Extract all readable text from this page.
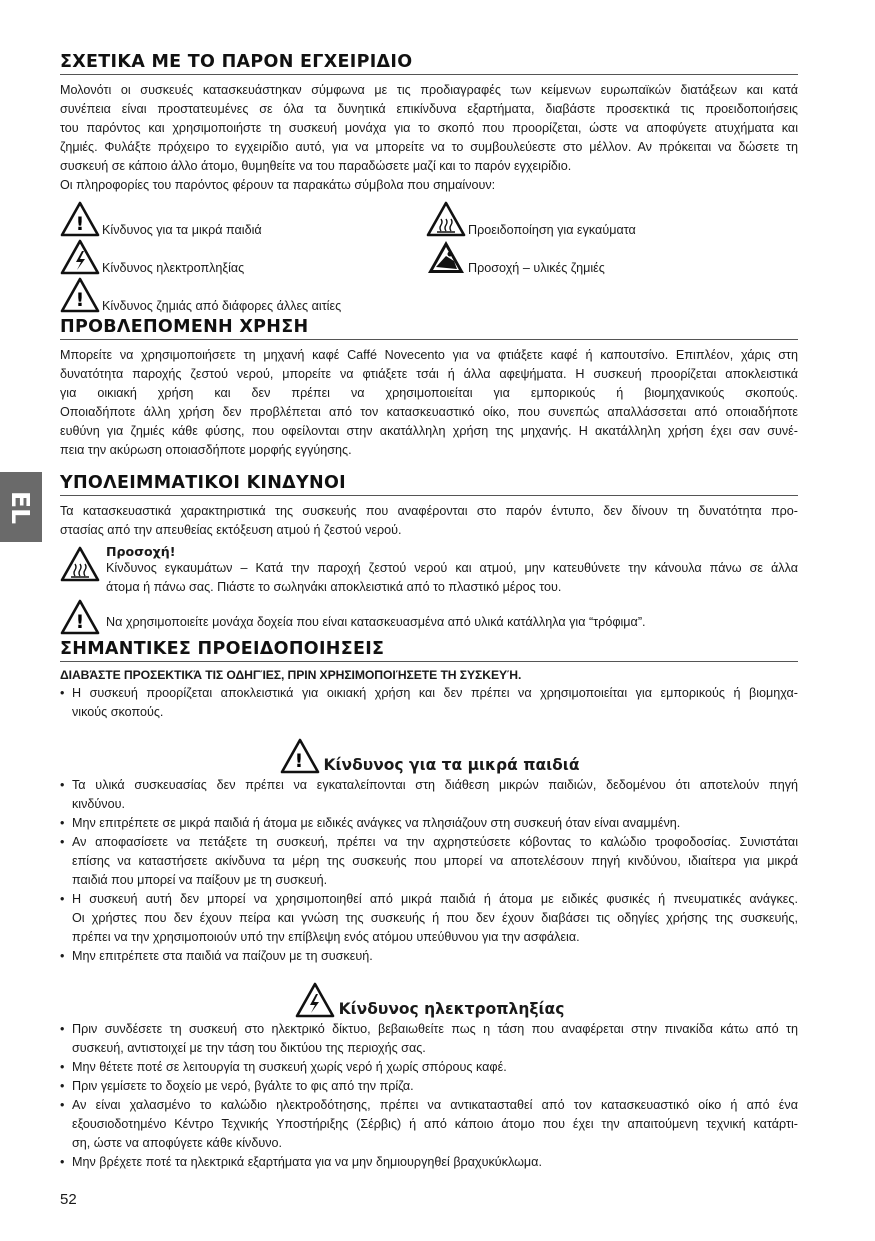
EL
ΣΧΕΤΙΚΑ ΜΕ ΤΟ ΠΑΡΟΝ ΕΓΧΕΙΡΙΔΙΟ
Μολονότι οι συσκευές κατασκευάστηκαν σύμφωνα με τις προδιαγραφές των κείμενων ευρωπαϊκών διατάξεων και κατά
συνέπεια είναι προστατευμένες σε όλα τα δυνητικά επικίνδυνα εξαρτήματα, διαβάστε προσεκτικά τις προειδοποιήσεις
του παρόντος και χρησιμοποιήστε τη συσκευή μονάχα για το σκοπό που προορίζεται, ώστε να αποφύγετε ατυχήματα και
ζημιές. Φυλάξτε πρόχειρο το εγχειρίδιο αυτό, για να μπορείτε να το συμβουλεύεστε στο μέλλον. Αν πρόκειται να δώσετε τη
συσκευή σε κάποιο άλλο άτομο, θυμηθείτε να του παραδώσετε μαζί και το παρόν εγχειρίδιο.

Οι πληροφορίες του παρόντος φέρουν τα παρακάτω σύμβολα που σημαίνουν:

! Κίνδυνος για τα μικρά παιδιά	Προειδοποίηση για εγκαύματα
Κίνδυνος ηλεκτροπληξίας	Προσοχή – υλικές ζημιές
! Κίνδυνος ζημιάς από διάφορες άλλες αιτίες
ΠΡΟΒΛΕΠΟΜΕΝΗ ΧΡΗΣΗ
Μπορείτε να χρησιμοποιήσετε τη μηχανή καφέ Caffé Novecento για να φτιάξετε καφέ ή καπουτσίνο. Επιπλέον, χάρις στη
δυνατότητα παροχής ζεστού νερού, μπορείτε να φτιάξετε τσάι ή άλλα αφεψήματα. Η συσκευή προορίζεται αποκλειστικά
για οικιακή χρήση και δεν πρέπει να χρησιμοποιείται για εμπορικούς ή βιομηχανικούς σκοπούς.
Οποιαδήποτε άλλη χρήση δεν προβλέπεται από τον κατασκευαστικό οίκο, που συνεπώς απαλλάσσεται από οποιαδήποτε
ευθύνη για ζημιές κάθε φύσης, που οφείλονται στην ακατάλληλη χρήση της μηχανής. Η ακατάλληλη χρήση έχει σαν συνέ-
πεια την ακύρωση οποιασδήποτε μορφής εγγύησης.
ΥΠΟΛΕΙΜΜΑΤΙΚΟΙ ΚΙΝΔΥΝΟΙ
Τα κατασκευαστικά χαρακτηριστικά της συσκευής που αναφέρονται στο παρόν έντυπο, δεν δίνουν τη δυνατότητα προ-
στασίας από την απευθείας εκτόξευση ατμού ή ζεστού νερού.
Προσοχή!
Κίνδυνος εγκαυμάτων – Κατά την παροχή ζεστού νερού και ατμού, μην κατευθύνετε την κάνουλα πάνω σε άλλα
άτομα ή πάνω σας. Πιάστε το σωληνάκι αποκλειστικά από το πλαστικό μέρος του.
! Να χρησιμοποιείτε μονάχα δοχεία που είναι κατασκευασμένα από υλικά κατάλληλα για “τρόφιμα”.

ΣΗΜΑΝΤΙΚΕΣ ΠΡΟΕΙΔΟΠΟΙΗΣΕΙΣ
ΔΙΑΒΆΣΤΕ ΠΡΟΣΕΚΤΙΚΆ ΤΙΣ ΟΔΗΓΊΕΣ, ΠΡΙΝ ΧΡΗΣΙΜΟΠΟΙΉΣΕΤΕ ΤΗ ΣΥΣΚΕΥΉ.
• Η συσκευή προορίζεται αποκλειστικά για οικιακή χρήση και δεν πρέπει να χρησιμοποιείται για εμπορικούς ή βιομηχα-
νικούς σκοπούς.
! Κίνδυνος για τα μικρά παιδιά
• Τα υλικά συσκευασίας δεν πρέπει να εγκαταλείπονται στη διάθεση μικρών παιδιών, δεδομένου ότι αποτελούν πηγή
κινδύνου.
• Μην επιτρέπετε σε μικρά παιδιά ή άτομα με ειδικές ανάγκες να πλησιάζουν στη συσκευή όταν είναι αναμμένη.
• Αν αποφασίσετε να πετάξετε τη συσκευή, πρέπει να την αχρηστεύσετε κόβοντας το καλώδιο τροφοδοσίας. Συνιστάται
επίσης να καταστήσετε ακίνδυνα τα μέρη της συσκευής που μπορεί να αποτελέσουν πηγή κινδύνου, ιδιαίτερα για μικρά
παιδιά που μπορεί να παίξουν με τη συσκευή.
• Η συσκευή αυτή δεν μπορεί να χρησιμοποιηθεί από μικρά παιδιά ή άτομα με ειδικές φυσικές ή πνευματικές ανάγκες.
Οι χρήστες που δεν έχουν πείρα και γνώση της συσκευής ή που δεν έχουν διαβάσει τις οδηγίες χρήσης της συσκευής,
πρέπει να την χρησιμοποιούν υπό την επίβλεψη ενός ατόμου υπεύθυνου για την ασφάλεια.
• Μην επιτρέπετε στα παιδιά να παίζουν με τη συσκευή.
Κίνδυνος ηλεκτροπληξίας
• Πριν συνδέσετε τη συσκευή στο ηλεκτρικό δίκτυο, βεβαιωθείτε πως η τάση που αναφέρεται στην πινακίδα κάτω από τη
συσκευή, αντιστοιχεί με την τάση του δικτύου της περιοχής σας.
• Μην θέτετε ποτέ σε λειτουργία τη συσκευή χωρίς νερό ή χωρίς σπόρους καφέ.
• Πριν γεμίσετε το δοχείο με νερό, βγάλτε το φις από την πρίζα.
• Αν είναι χαλασμένο το καλώδιο ηλεκτροδότησης, πρέπει να αντικατασταθεί από τον κατασκευαστικό οίκο ή από ένα
εξουσιοδοτημένο Κέντρο Τεχνικής Υποστήριξης (Σέρβις) ή από κάποιο άτομο που έχει την απαιτούμενη τεχνική κατάρτι-
ση, ώστε να αποφύγετε κάθε κίνδυνο.
• Μην βρέχετε ποτέ τα ηλεκτρικά εξαρτήματα για να μην δημιουργηθεί βραχυκύκλωμα.
52
